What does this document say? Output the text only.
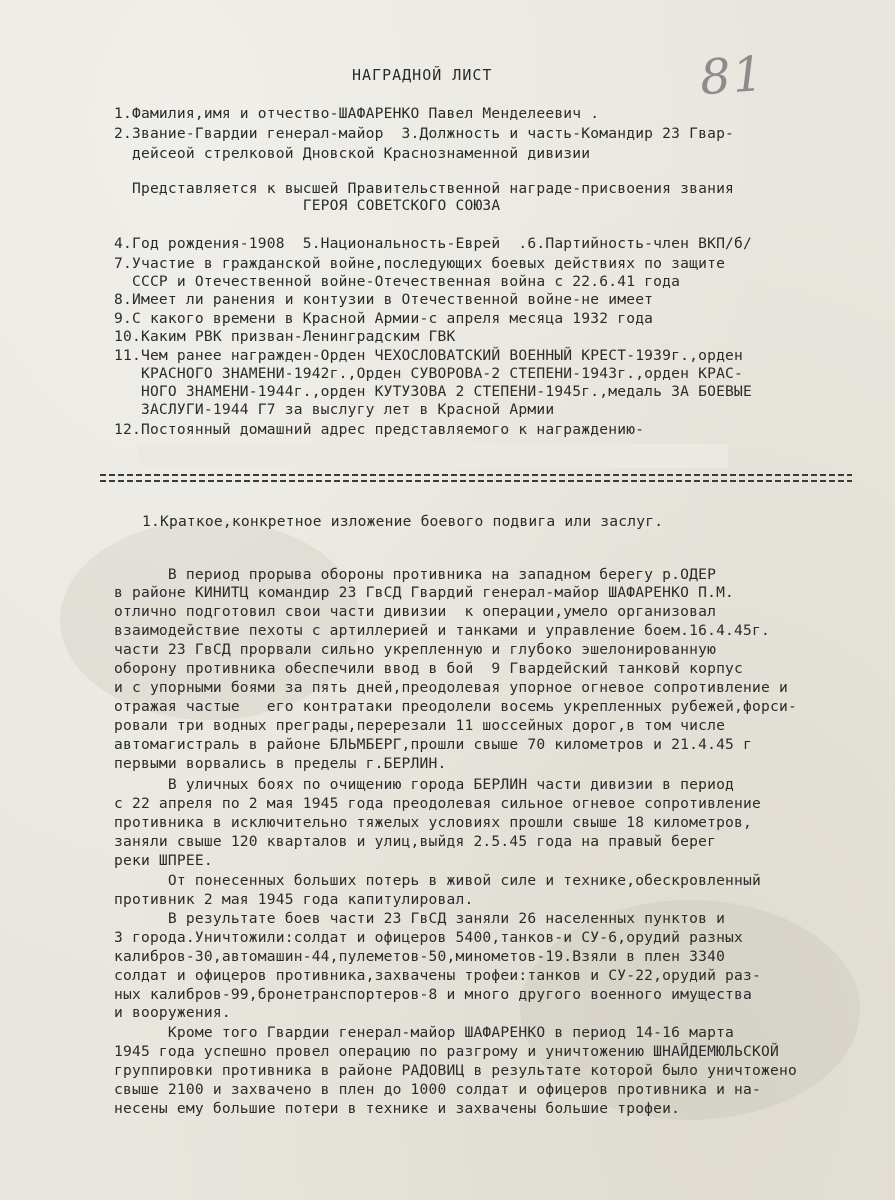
81
НАГРАДНОЙ ЛИСТ
1.Фамилия,имя и отчество-ШАФАРЕНКО Павел Менделеевич .
2.Звание-Гвардии генерал-майор  3.Должность и часть-Командир 23 Гвар-
дейсеой стрелковой Дновской Краснознаменной дивизии
Представляется к высшей Правительственной награде-присвоения звания
ГЕРОЯ СОВЕТСКОГО СОЮЗА
4.Год рождения-1908  5.Национальность-Еврей  .6.Партийность-член ВКП/б/
7.Участие в гражданской войне,последующих боевых действиях по защите
СССР и Отечественной войне-Отечественная война с 22.6.41 года
8.Имеет ли ранения и контузии в Отечественной войне-не имеет
9.С какого времени в Красной Армии-с апреля месяца 1932 года
10.Каким РВК призван-Ленинградским ГВК
11.Чем ранее награжден-Орден ЧЕХОСЛОВАТСКИЙ ВОЕННЫЙ КРЕСТ-1939г.,орден
КРАСНОГО ЗНАМЕНИ-1942г.,Орден СУВОРОВА-2 СТЕПЕНИ-1943г.,орден КРАС-
НОГО ЗНАМЕНИ-1944г.,орден КУТУЗОВА 2 СТЕПЕНИ-1945г.,медаль ЗА БОЕВЫЕ
ЗАСЛУГИ-1944 Г7 за выслугу лет в Красной Армии
12.Постоянный домашний адрес представляемого к награждению-
1.Краткое,конкретное изложение боевого подвига или заслуг.
В период прорыва обороны противника на западном берегу р.ОДЕР
в районе КИНИТЦ командир 23 ГвСД Гвардий генерал-майор ШАФАРЕНКО П.М.
отлично подготовил свои части дивизии  к операции,умело организовал
взаимодействие пехоты с артиллерией и танками и управление боем.16.4.45г.
части 23 ГвСД прорвали сильно укрепленную и глубоко эшелонированную
оборону противника обеспечили ввод в бой  9 Гвардейский танковй корпус
и с упорными боями за пять дней,преодолевая упорное огневое сопротивление и
отражая частые   его контратаки преодолели восемь укрепленных рубежей,форси-
ровали три водных преграды,перерезали 11 шоссейных дорог,в том числе
автомагистраль в районе БЛЬМБЕРГ,прошли свыше 70 километров и 21.4.45 г
первыми ворвались в пределы г.БЕРЛИН.
В уличных боях по очищению города БЕРЛИН части дивизии в период
с 22 апреля по 2 мая 1945 года преодолевая сильное огневое сопротивление
противника в исключительно тяжелых условиях прошли свыше 18 километров,
заняли свыше 120 кварталов и улиц,выйдя 2.5.45 года на правый берег
реки ШПРЕЕ.
От понесенных больших потерь в живой силе и технике,обескровленный
противник 2 мая 1945 года капитулировал.
В результате боев части 23 ГвСД заняли 26 населенных пунктов и
3 города.Уничтожили:солдат и офицеров 5400,танков-и СУ-6,орудий разных
калибров-30,автомашин-44,пулеметов-50,минометов-19.Взяли в плен 3340
солдат и офицеров противника,захвачены трофеи:танков и СУ-22,орудий раз-
ных калибров-99,бронетранспортеров-8 и много другого военного имущества
и вооружения.
Кроме того Гвардии генерал-майор ШАФАРЕНКО в период 14-16 марта
1945 года успешно провел операцию по разгрому и уничтожению ШНАЙДЕМЮЛЬСКОЙ
группировки противника в районе РАДОВИЦ в результате которой было уничтожено
свыше 2100 и захвачено в плен до 1000 солдат и офицеров противника и на-
несены ему большие потери в технике и захвачены большие трофеи.
